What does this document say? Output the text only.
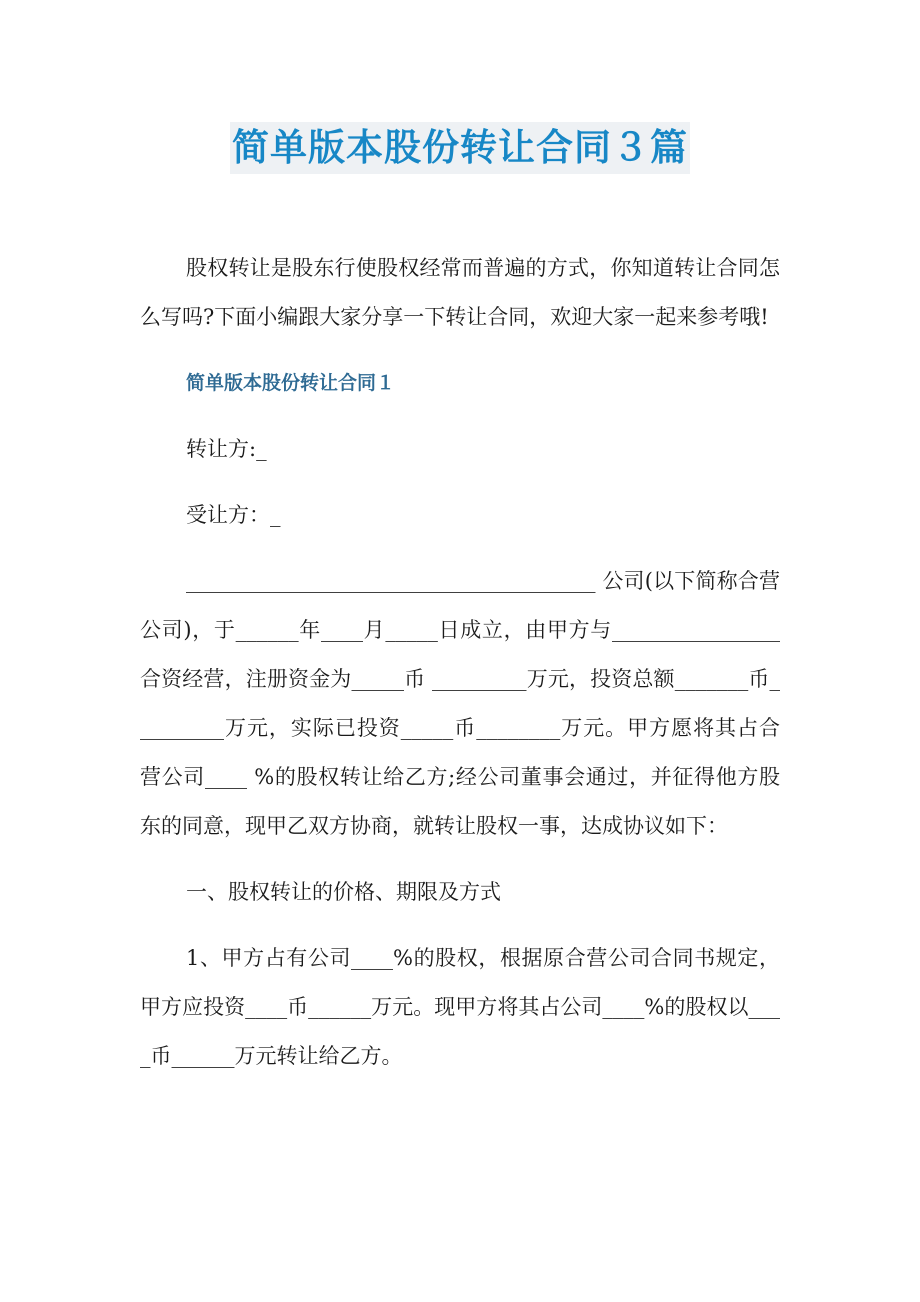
简单版本股份转让合同３篇

股权转让是股东行使股权经常而普遍的方式，你知道转让合同怎么写吗?下面小编跟大家分享一下转让合同，欢迎大家一起来参考哦!

简单版本股份转让合同１

转让方:_

受让方：_

_______________________________________ 公司(以下简称合营公司)，于______年____月_____日成立，由甲方与________________合资经营，注册资金为_____币 _________万元，投资总额_______币_________万元，实际已投资_____币________万元。甲方愿将其占合营公司____ %的股权转让给乙方;经公司董事会通过，并征得他方股东的同意，现甲乙双方协商，就转让股权一事，达成协议如下：

一、股权转让的价格、期限及方式

1、甲方占有公司____%的股权，根据原合营公司合同书规定，甲方应投资____币______万元。现甲方将其占公司____%的股权以____币______万元转让给乙方。
